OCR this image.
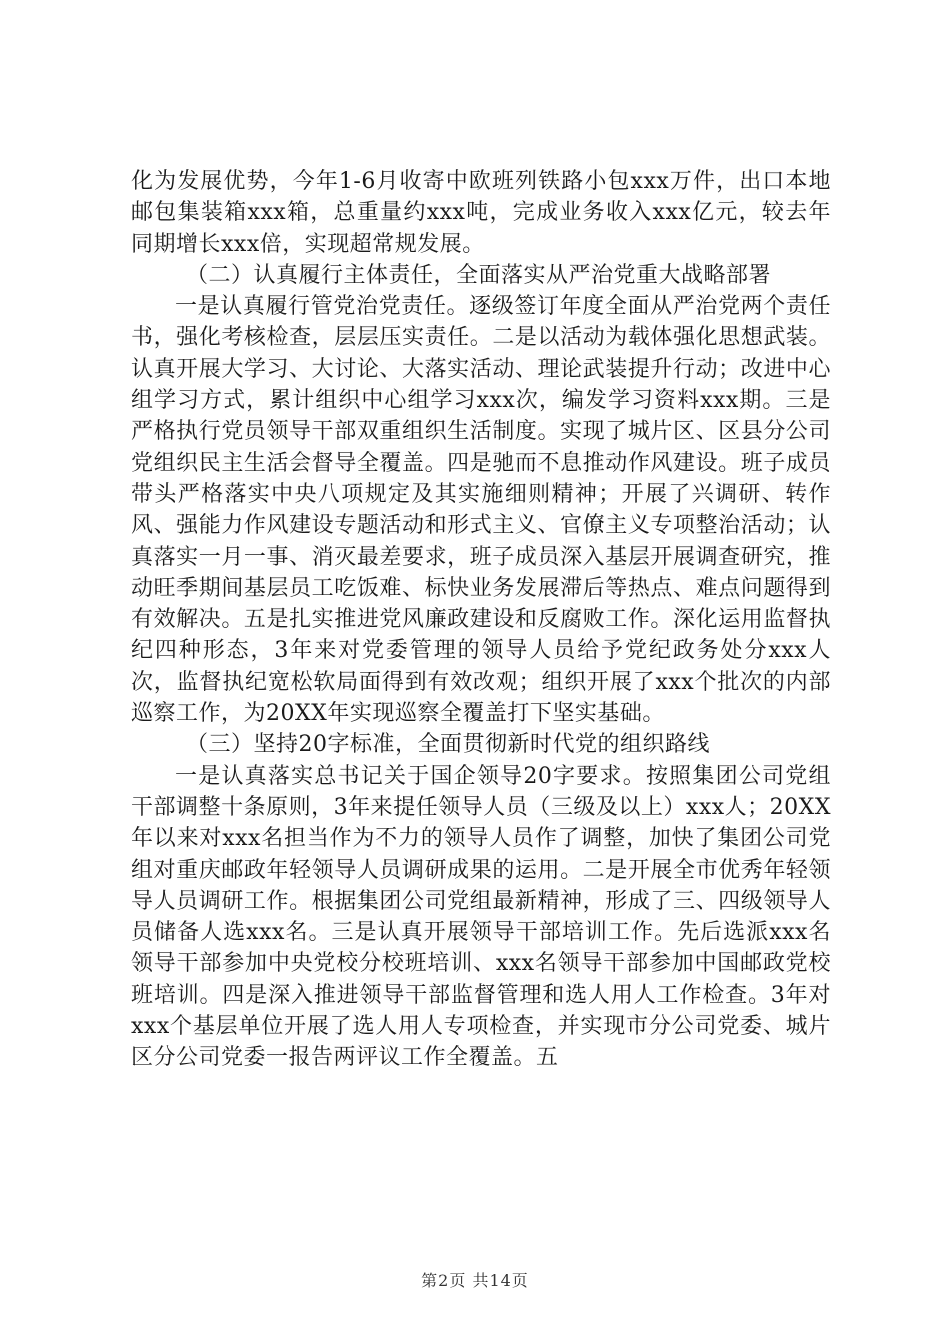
化为发展优势，今年1-6月收寄中欧班列铁路小包xxx万件，出口本地邮包集装箱xxx箱，总重量约xxx吨，完成业务收入xxx亿元，较去年同期增长xxx倍，实现超常规发展。

（二）认真履行主体责任，全面落实从严治党重大战略部署

一是认真履行管党治党责任。逐级签订年度全面从严治党两个责任书，强化考核检查，层层压实责任。二是以活动为载体强化思想武装。认真开展大学习、大讨论、大落实活动、理论武装提升行动；改进中心组学习方式，累计组织中心组学习xxx次，编发学习资料xxx期。三是严格执行党员领导干部双重组织生活制度。实现了城片区、区县分公司党组织民主生活会督导全覆盖。四是驰而不息推动作风建设。班子成员带头严格落实中央八项规定及其实施细则精神；开展了兴调研、转作风、强能力作风建设专题活动和形式主义、官僚主义专项整治活动；认真落实一月一事、消灭最差要求，班子成员深入基层开展调查研究，推动旺季期间基层员工吃饭难、标快业务发展滞后等热点、难点问题得到有效解决。五是扎实推进党风廉政建设和反腐败工作。深化运用监督执纪四种形态，3年来对党委管理的领导人员给予党纪政务处分xxx人次，监督执纪宽松软局面得到有效改观；组织开展了xxx个批次的内部巡察工作，为20XX年实现巡察全覆盖打下坚实基础。

（三）坚持20字标准，全面贯彻新时代党的组织路线

一是认真落实总书记关于国企领导20字要求。按照集团公司党组干部调整十条原则，3年来提任领导人员（三级及以上）xxx人；20XX年以来对xxx名担当作为不力的领导人员作了调整，加快了集团公司党组对重庆邮政年轻领导人员调研成果的运用。二是开展全市优秀年轻领导人员调研工作。根据集团公司党组最新精神，形成了三、四级领导人员储备人选xxx名。三是认真开展领导干部培训工作。先后选派xxx名领导干部参加中央党校分校班培训、xxx名领导干部参加中国邮政党校班培训。四是深入推进领导干部监督管理和选人用人工作检查。3年对xxx个基层单位开展了选人用人专项检查，并实现市分公司党委、城片区分公司党委一报告两评议工作全覆盖。五

第2页 共14页
